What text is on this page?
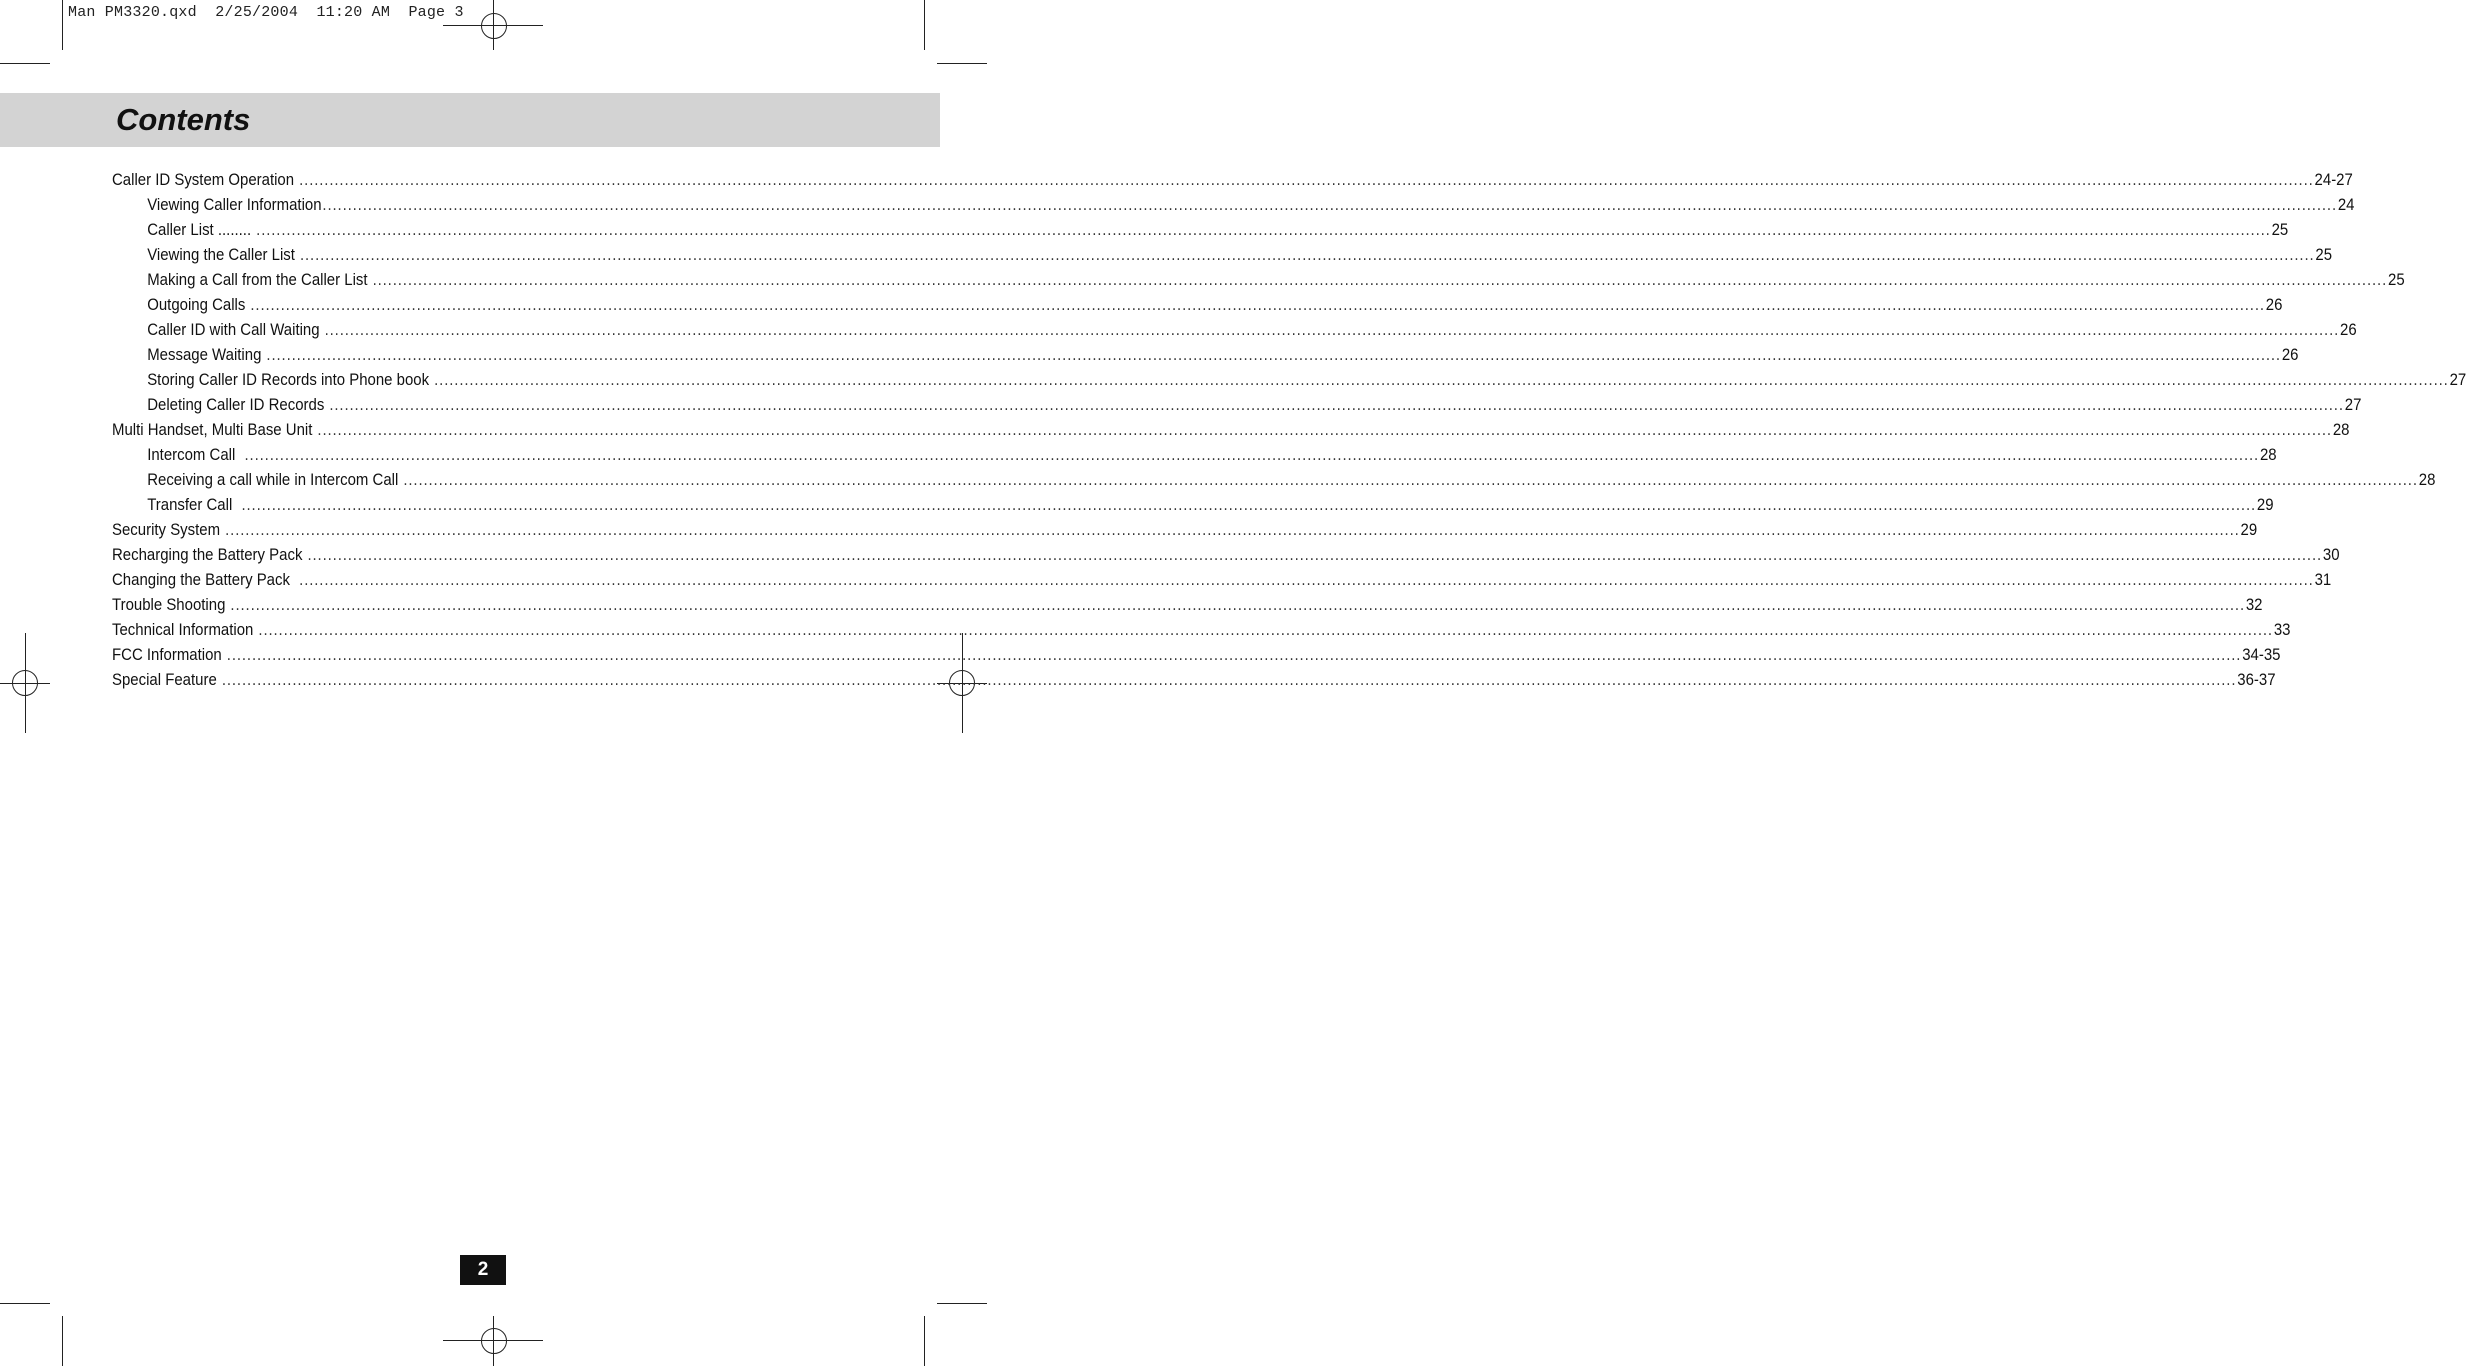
Man PM3320.qxd  2/25/2004  11:20 AM  Page 3
Contents
Caller ID System Operation ................................................................................................................................................................................................................................................................................................................................................................................................................ 24-27
Viewing Caller Information ................................................................................................................................................................................................................................................................................................................................................................................................................ 24
Caller List ........ ................................................................................................................................................................................................................................................................................................................................................................................................................ 25
Viewing the Caller List ................................................................................................................................................................................................................................................................................................................................................................................................................ 25
Making a Call from the Caller List ................................................................................................................................................................................................................................................................................................................................................................................................................ 25
Outgoing Calls ................................................................................................................................................................................................................................................................................................................................................................................................................ 26
Caller ID with Call Waiting ................................................................................................................................................................................................................................................................................................................................................................................................................ 26
Message Waiting ................................................................................................................................................................................................................................................................................................................................................................................................................ 26
Storing Caller ID Records into Phone book ................................................................................................................................................................................................................................................................................................................................................................................................................ 27
Deleting Caller ID Records ................................................................................................................................................................................................................................................................................................................................................................................................................ 27
Multi Handset, Multi Base Unit ................................................................................................................................................................................................................................................................................................................................................................................................................ 28
Intercom Call ................................................................................................................................................................................................................................................................................................................................................................................................................ 28
Receiving a call while in Intercom Call ................................................................................................................................................................................................................................................................................................................................................................................................................ 28
Transfer Call ................................................................................................................................................................................................................................................................................................................................................................................................................ 29
Security System ................................................................................................................................................................................................................................................................................................................................................................................................................ 29
Recharging the Battery Pack ................................................................................................................................................................................................................................................................................................................................................................................................................ 30
Changing the Battery Pack ................................................................................................................................................................................................................................................................................................................................................................................................................ 31
Trouble Shooting ................................................................................................................................................................................................................................................................................................................................................................................................................ 32
Technical Information ................................................................................................................................................................................................................................................................................................................................................................................................................ 33
FCC Information ................................................................................................................................................................................................................................................................................................................................................................................................................ 34-35
Special Feature ................................................................................................................................................................................................................................................................................................................................................................................................................ 36-37
2
